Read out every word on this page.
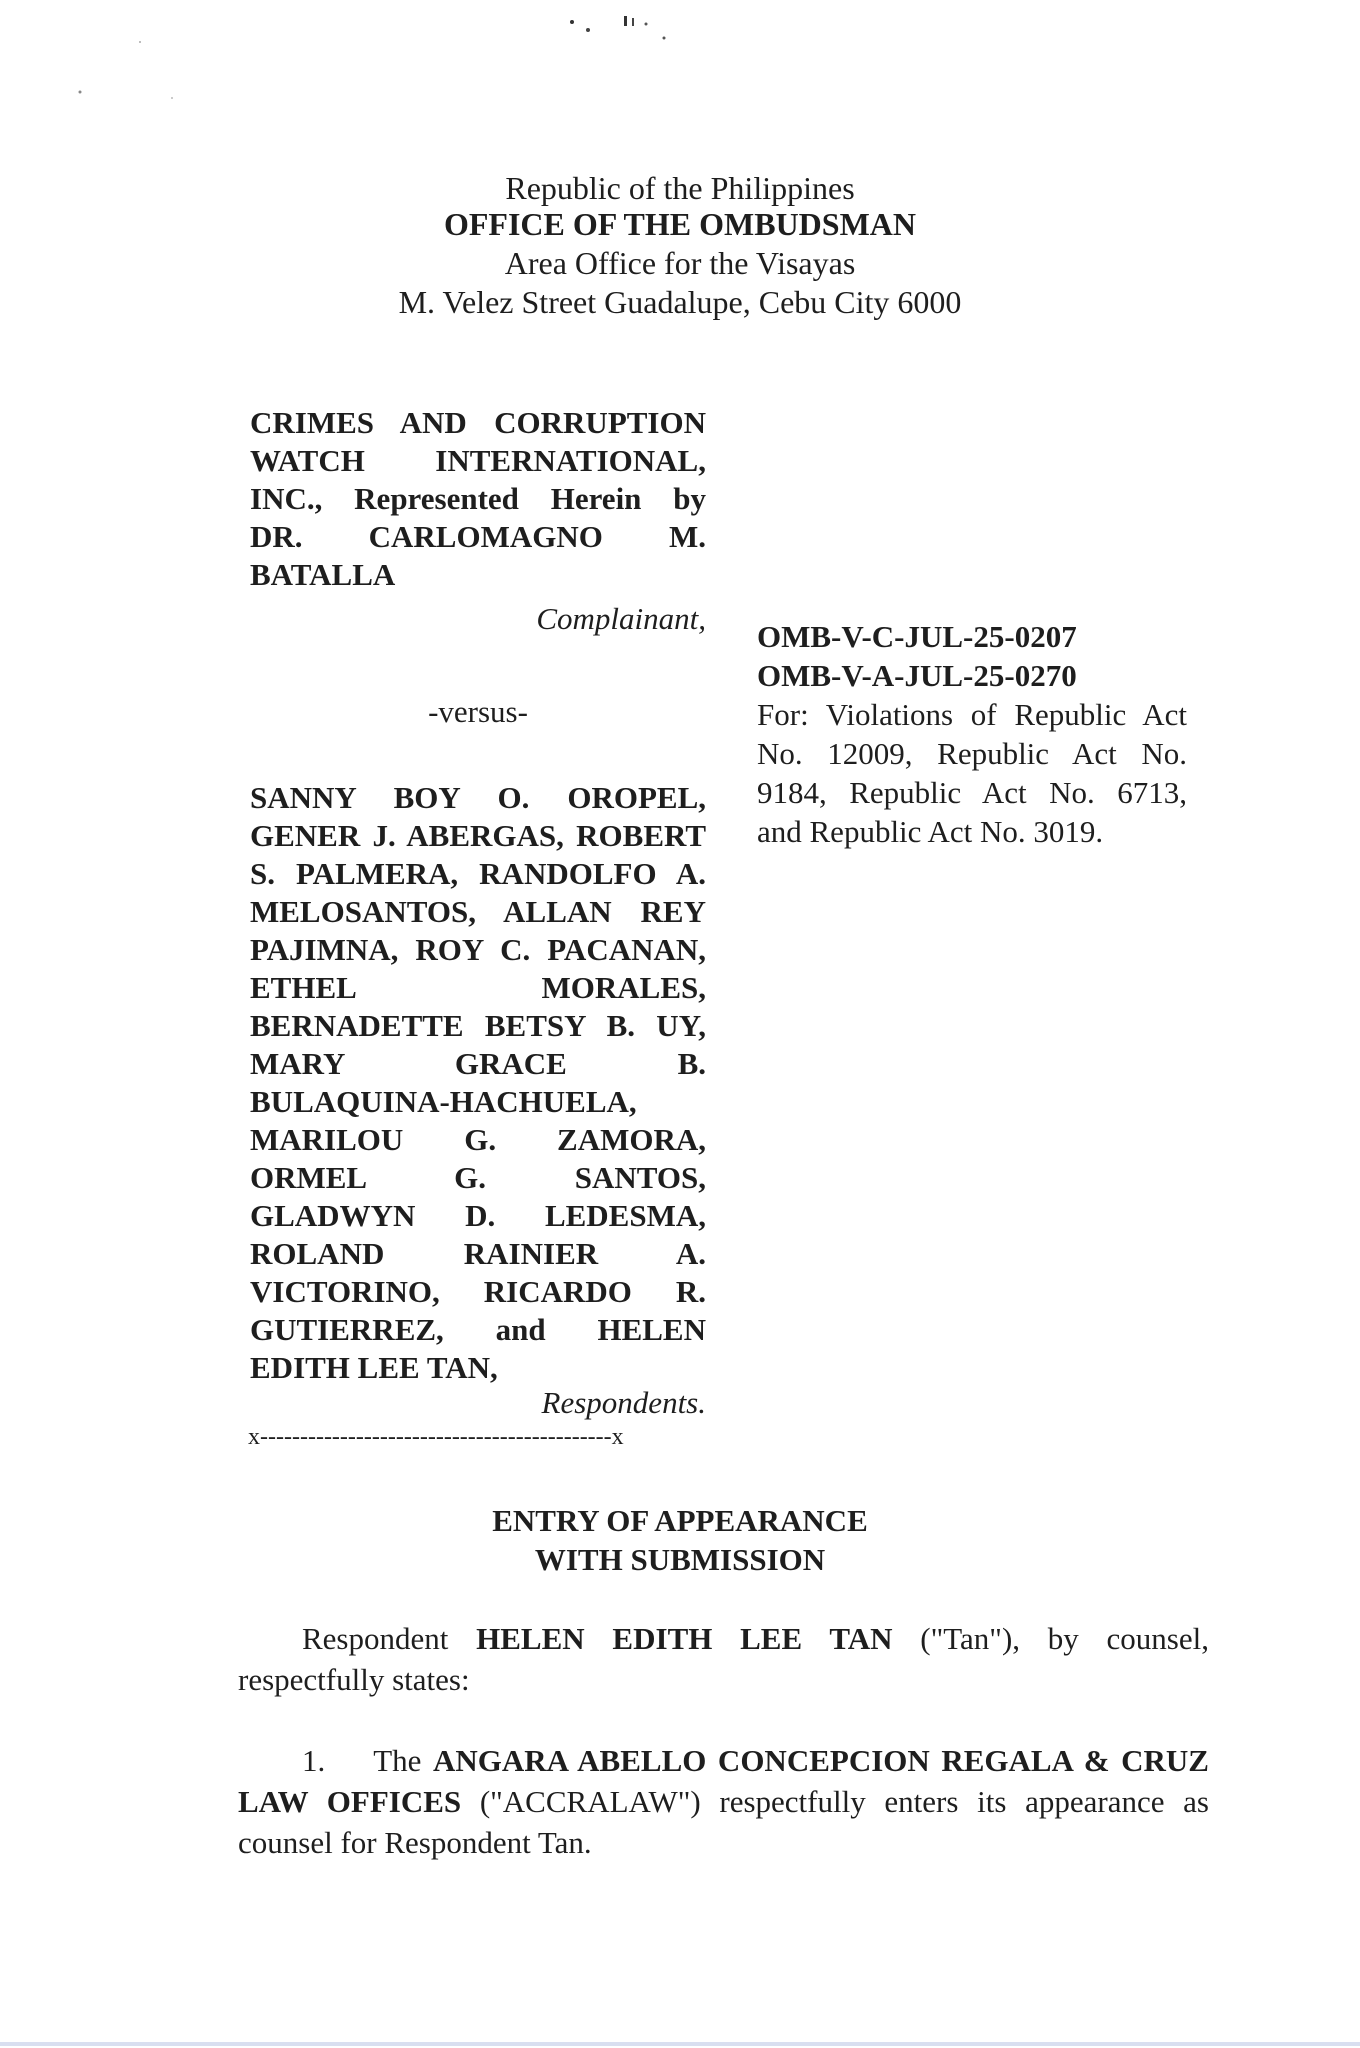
Republic of the Philippines
OFFICE OF THE OMBUDSMAN
Area Office for the Visayas
M. Velez Street Guadalupe, Cebu City 6000
CRIMES AND CORRUPTION
WATCH INTERNATIONAL,
INC., Represented Herein by
DR. CARLOMAGNO M.
BATALLA
Complainant,
-versus-
SANNY BOY O. OROPEL,
GENER J. ABERGAS, ROBERT
S. PALMERA, RANDOLFO A.
MELOSANTOS, ALLAN REY
PAJIMNA, ROY C. PACANAN,
ETHEL MORALES,
BERNADETTE BETSY B. UY,
MARY GRACE B.
BULAQUINA-HACHUELA,
MARILOU G. ZAMORA,
ORMEL G. SANTOS,
GLADWYN D. LEDESMA,
ROLAND RAINIER A.
VICTORINO, RICARDO R.
GUTIERREZ, and HELEN
EDITH LEE TAN,
Respondents.
x--------------------------------------------x
OMB-V-C-JUL-25-0207
OMB-V-A-JUL-25-0270
For: Violations of Republic Act
No. 12009, Republic Act No.
9184, Republic Act No. 6713,
and Republic Act No. 3019.
ENTRY OF APPEARANCE
WITH SUBMISSION
Respondent HELEN EDITH LEE TAN ("Tan"), by counsel, respectfully states:
1. The ANGARA ABELLO CONCEPCION REGALA & CRUZ LAW OFFICES ("ACCRALAW") respectfully enters its appearance as counsel for Respondent Tan.
